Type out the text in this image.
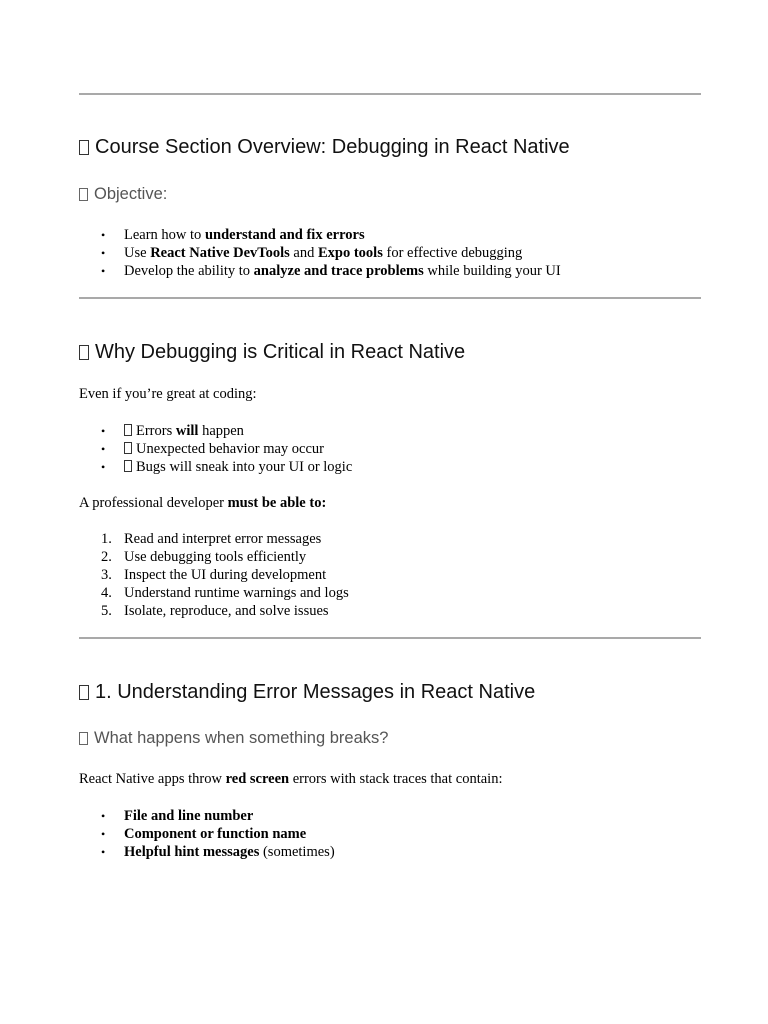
Course Section Overview: Debugging in React Native
Objective:
• Learn how to understand and fix errors
• Use React Native DevTools and Expo tools for effective debugging
• Develop the ability to analyze and trace problems while building your UI
Why Debugging is Critical in React Native

Even if you’re great at coding:

• Errors will happen
• Unexpected behavior may occur
• Bugs will sneak into your UI or logic

A professional developer must be able to:

1. Read and interpret error messages
2. Use debugging tools efficiently
3. Inspect the UI during development
4. Understand runtime warnings and logs
5. Isolate, reproduce, and solve issues
1. Understanding Error Messages in React Native
What happens when something breaks?

React Native apps throw red screen errors with stack traces that contain:

• File and line number
• Component or function name
• Helpful hint messages (sometimes)
